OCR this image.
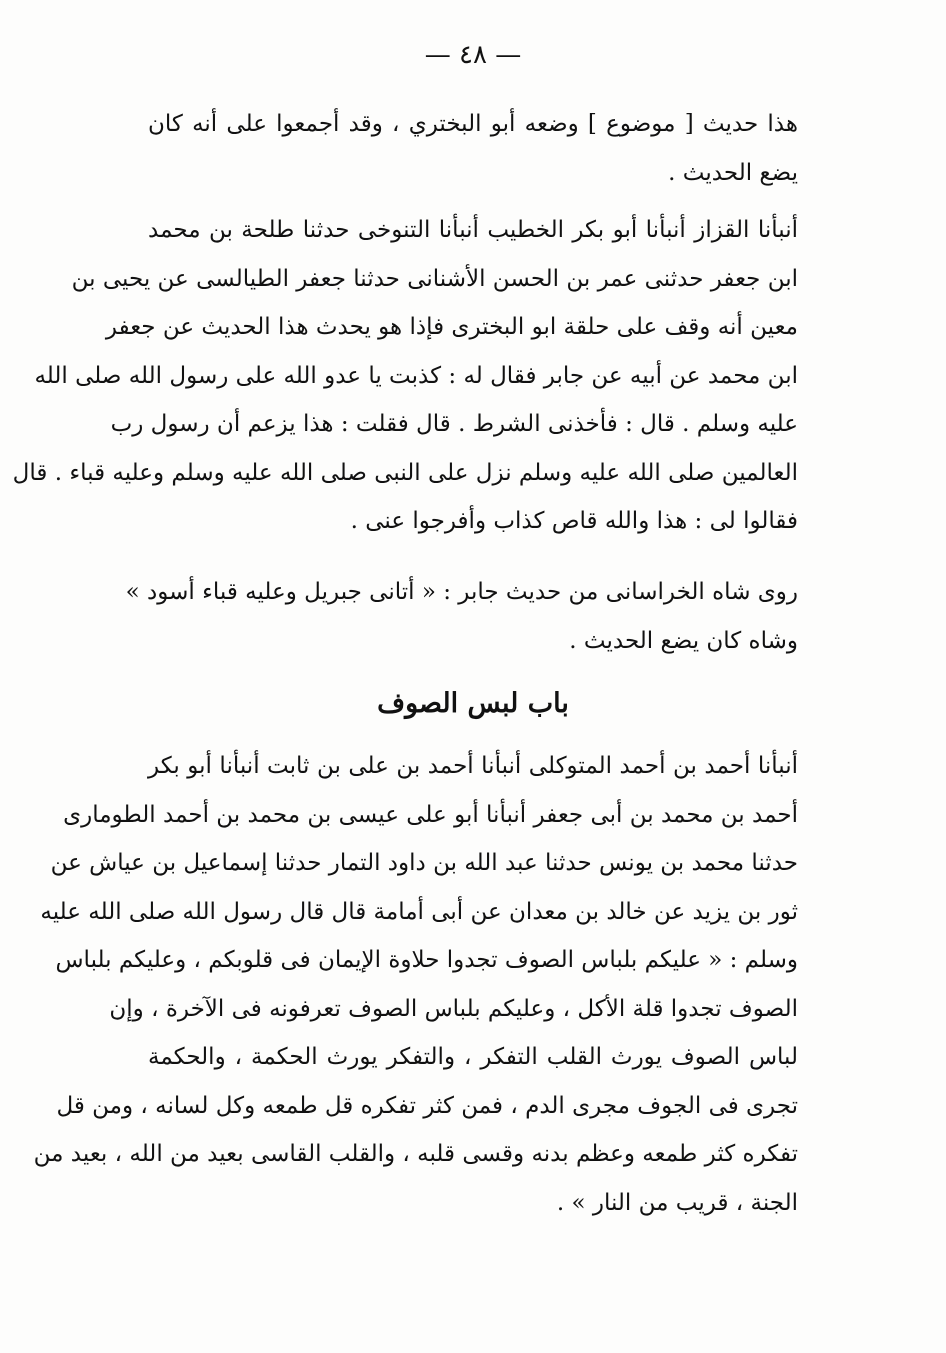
— ٤٨ —
هذا حديث [ موضوع ] وضعه أبو البختري ، وقد أجمعوا على أنه كان
يضع الحديث .
أنبأنا القزاز أنبأنا أبو بكر الخطيب أنبأنا التنوخى حدثنا طلحة بن محمد
ابن جعفر حدثنى عمر بن الحسن الأشنانى حدثنا جعفر الطيالسى عن يحيى بن
معين أنه وقف على حلقة ابو البخترى فإذا هو يحدث هذا الحديث عن جعفر
ابن محمد عن أبيه عن جابر فقال له : كذبت يا عدو الله على رسول الله صلى الله
عليه وسلم . قال : فأخذنى الشرط . قال فقلت : هذا يزعم أن رسول رب
العالمين صلى الله عليه وسلم نزل على النبى صلى الله عليه وسلم وعليه قباء . قال
فقالوا لى : هذا والله قاص كذاب وأفرجوا عنى .
روى شاه الخراسانى من حديث جابر : « أتانى جبريل وعليه قباء أسود »
وشاه كان يضع الحديث .
باب لبس الصوف
أنبأنا أحمد بن أحمد المتوكلى أنبأنا أحمد بن على بن ثابت أنبأنا أبو بكر
أحمد بن محمد بن أبى جعفر أنبأنا أبو على عيسى بن محمد بن أحمد الطومارى
حدثنا محمد بن يونس حدثنا عبد الله بن داود التمار حدثنا إسماعيل بن عياش عن
ثور بن يزيد عن خالد بن معدان عن أبى أمامة قال قال رسول الله صلى الله عليه
وسلم : « عليكم بلباس الصوف تجدوا حلاوة الإيمان فى قلوبكم ، وعليكم بلباس
الصوف تجدوا قلة الأكل ، وعليكم بلباس الصوف تعرفونه فى الآخرة ، وإن
لباس الصوف يورث القلب التفكر ، والتفكر يورث الحكمة ، والحكمة
تجرى فى الجوف مجرى الدم ، فمن كثر تفكره قل طمعه وكل لسانه ، ومن قل
تفكره كثر طمعه وعظم بدنه وقسى قلبه ، والقلب القاسى بعيد من الله ، بعيد من
الجنة ، قريب من النار » .
